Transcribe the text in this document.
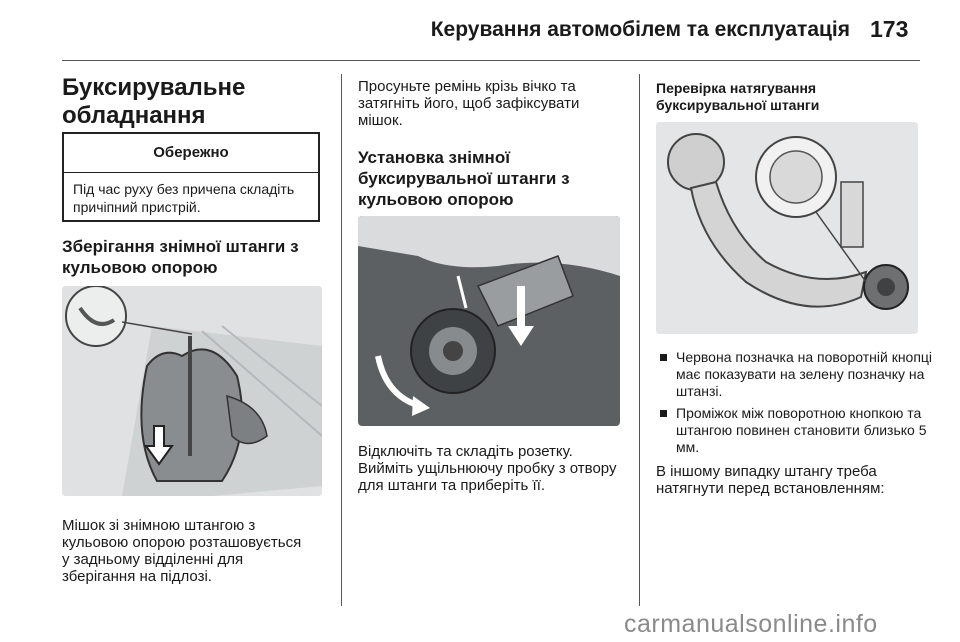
Керування автомобілем та експлуатація 173
Буксирувальне обладнання
Обережно
Під час руху без причепа складіть причіпний пристрій.
Зберігання знімної штанги з кульовою опорою
Мішок зі знімною штангою з кульовою опорою розташовується у задньому відділенні для зберігання на підлозі.
Просуньте ремінь крізь вічко та затягніть його, щоб зафіксувати мішок.
Установка знімної буксирувальної штанги з кульовою опорою
Відключіть та складіть розетку. Вийміть ущільнюючу пробку з отвору для штанги та приберіть її.
Перевірка натягування буксирувальної штанги
Червона позначка на поворотній кнопці має показувати на зелену позначку на штанзі.
Проміжок між поворотною кнопкою та штангою повинен становити близько 5 мм.
В іншому випадку штангу треба натягнути перед встановленням:
carmanualsonline.info
